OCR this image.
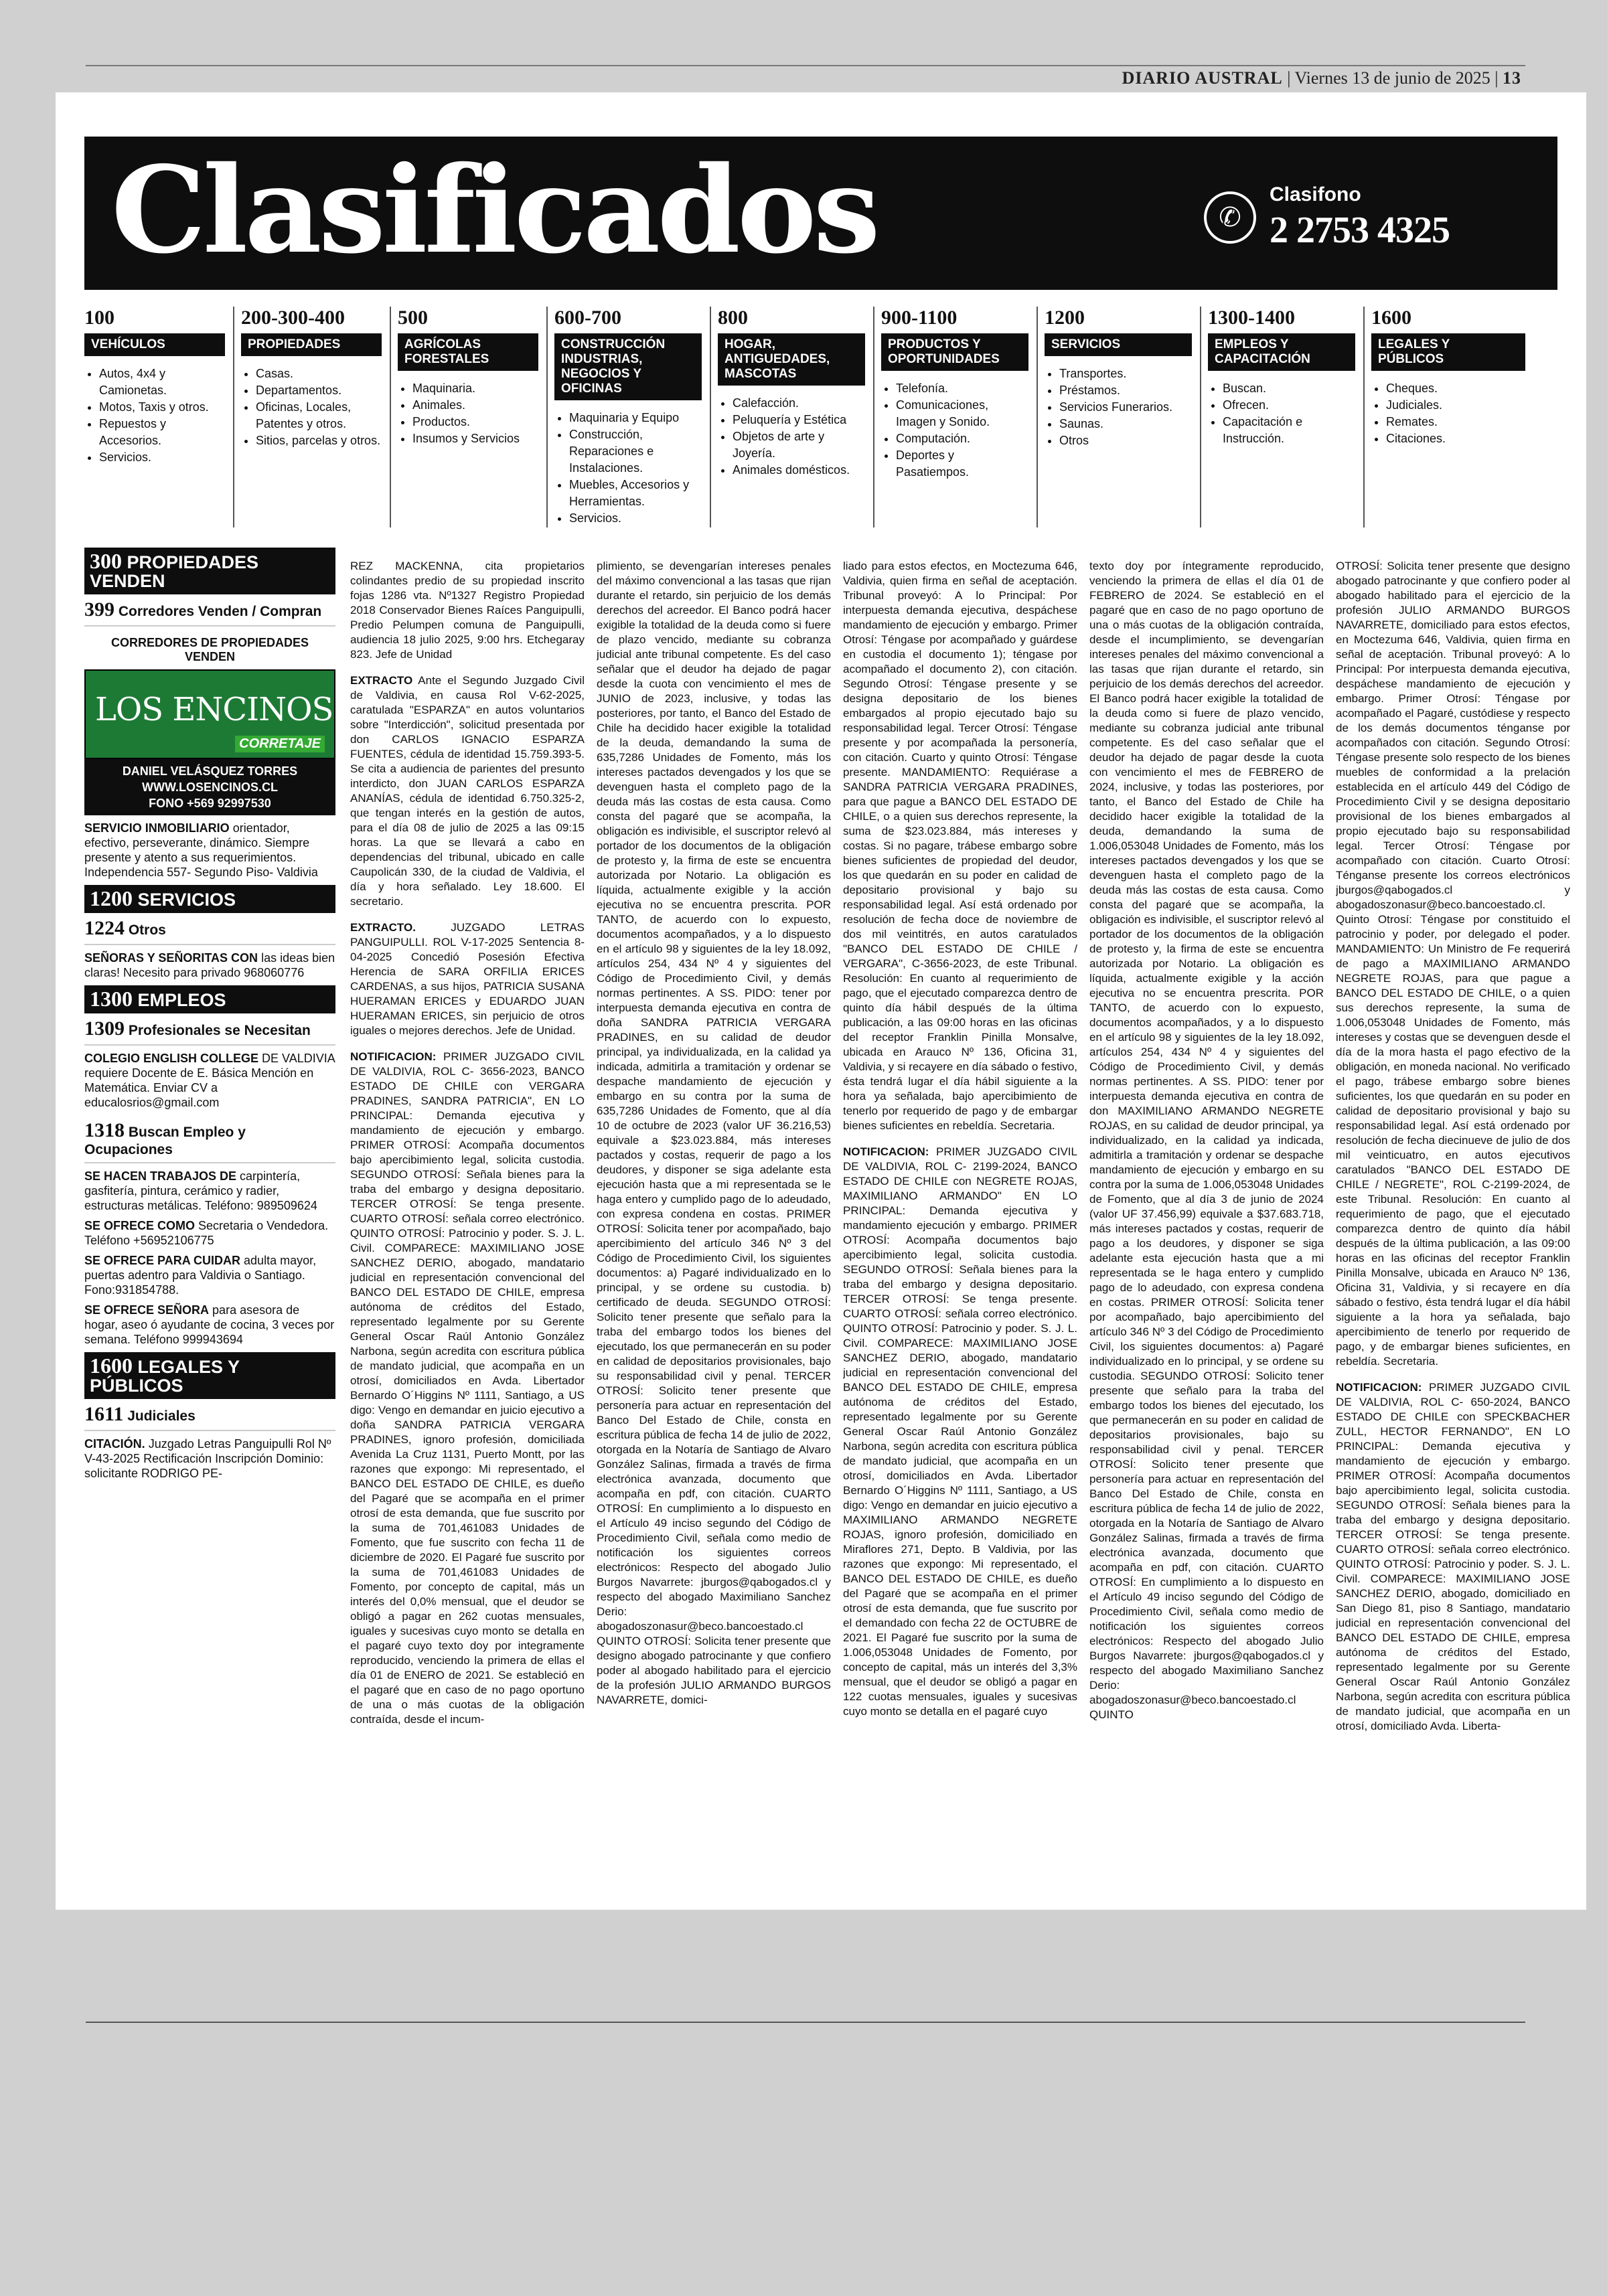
DIARIO AUSTRAL | Viernes 13 de junio de 2025 | 13
Clasificados	✆
Clasifono
2 2753 4325
100
VEHÍCULOS
• Autos, 4x4 y Camionetas.
• Motos, Taxis y otros.
• Repuestos y Accesorios.
• Servicios.
200-300-400
PROPIEDADES
• Casas.
• Departamentos.
• Oficinas, Locales, Patentes y otros.
• Sitios, parcelas y otros.
500
AGRÍCOLAS FORESTALES
• Maquinaria.
• Animales.
• Productos.
• Insumos y Servicios
600-700
CONSTRUCCIÓN INDUSTRIAS, NEGOCIOS Y OFICINAS
• Maquinaria y Equipo
• Construcción, Reparaciones e Instalaciones.
• Muebles, Accesorios y Herramientas.
• Servicios.
800
HOGAR, ANTIGUEDADES, MASCOTAS
• Calefacción.
• Peluquería y Estética
• Objetos de arte y Joyería.
• Animales domésticos.
900-1100
PRODUCTOS Y OPORTUNIDADES
• Telefonía.
• Comunicaciones, Imagen y Sonido.
• Computación.
• Deportes y Pasatiempos.
1200
SERVICIOS
• Transportes.
• Préstamos.
• Servicios Funerarios.
• Saunas.
• Otros
1300-1400
EMPLEOS Y CAPACITACIÓN
• Buscan.
• Ofrecen.
• Capacitación e Instrucción.
1600
LEGALES Y PÚBLICOS
• Cheques.
• Judiciales.
• Remates.
• Citaciones.
300 PROPIEDADES VENDEN
399 Corredores Venden / Compran
CORREDORES DE PROPIEDADES VENDEN
LOS ENCINOS
CORRETAJE
DANIEL VELÁSQUEZ TORRES
WWW.LOSENCINOS.CL
FONO +569 92997530
SERVICIO INMOBILIARIO orientador, efectivo, perseverante, dinámico. Siempre presente y atento a sus requerimientos. Independencia 557- Segundo Piso- Valdivia
1200 SERVICIOS
1224 Otros
SEÑORAS Y SEÑORITAS CON las ideas bien claras! Necesito para privado 968060776
1300 EMPLEOS
1309 Profesionales se Necesitan
COLEGIO ENGLISH COLLEGE DE VALDIVIA requiere Docente de E. Básica Mención en Matemática. Enviar CV a educalosrios@gmail.com
1318 Buscan Empleo y Ocupaciones
SE HACEN TRABAJOS DE carpintería, gasfitería, pintura, cerámico y radier, estructuras metálicas. Teléfono: 989509624
SE OFRECE COMO Secretaria o Vendedora. Teléfono +56952106775
SE OFRECE PARA CUIDAR adulta mayor, puertas adentro para Valdivia o Santiago. Fono:931854788.
SE OFRECE SEÑORA para asesora de hogar, aseo ó ayudante de cocina, 3 veces por semana. Teléfono 999943694
1600 LEGALES Y PÚBLICOS
1611 Judiciales
CITACIÓN. Juzgado Letras Panguipulli Rol Nº V-43-2025 Rectificación Inscripción Dominio: solicitante RODRIGO PE-

REZ MACKENNA, cita propietarios colindantes predio de su propiedad inscrito fojas 1286 vta. Nº1327 Registro Propiedad 2018 Conservador Bienes Raíces Panguipulli, Predio Pelumpen comuna de Panguipulli, audiencia 18 julio 2025, 9:00 hrs. Etchegaray 823. Jefe de Unidad

EXTRACTO Ante el Segundo Juzgado Civil de Valdivia, en causa Rol V-62-2025, caratulada "ESPARZA" en autos voluntarios sobre "Interdicción", solicitud presentada por don CARLOS IGNACIO ESPARZA FUENTES, cédula de identidad 15.759.393-5. Se cita a audiencia de parientes del presunto interdicto, don JUAN CARLOS ESPARZA ANANÍAS, cédula de identidad 6.750.325-2, que tengan interés en la gestión de autos, para el día 08 de julio de 2025 a las 09:15 horas. La que se llevará a cabo en dependencias del tribunal, ubicado en calle Caupolicán 330, de la ciudad de Valdivia, el día y hora señalado. Ley 18.600. El secretario.

EXTRACTO.	JUZGADO LETRAS PANGUIPULLI. ROL V-17-2025 Sentencia 8-04-2025 Concedió Posesión Efectiva Herencia de SARA ORFILIA ERICES CARDENAS, a sus hijos, PATRICIA SUSANA HUERAMAN ERICES y EDUARDO JUAN HUERAMAN ERICES, sin perjuicio de otros iguales o mejores derechos. Jefe de Unidad.

NOTIFICACION: PRIMER JUZGADO CIVIL DE VALDIVIA, ROL C- 3656-2023, BANCO ESTADO DE CHILE con VERGARA PRADINES, SANDRA PATRICIA", EN LO PRINCIPAL: Demanda ejecutiva y mandamiento de ejecución y embargo. PRIMER OTROSÍ: Acompaña documentos bajo apercibimiento legal, solicita custodia. SEGUNDO OTROSÍ: Señala bienes para la traba del embargo y designa depositario. TERCER OTROSÍ: Se tenga presente. CUARTO OTROSÍ: señala correo electrónico. QUINTO OTROSÍ: Patrocinio y poder. S. J. L. Civil. COMPARECE: MAXIMILIANO JOSE SANCHEZ DERIO, abogado, mandatario judicial en representación convencional del BANCO DEL ESTADO DE CHILE, empresa autónoma de créditos del Estado, representado legalmente por su Gerente General Oscar Raúl Antonio González Narbona, según acredita con escritura pública de mandato judicial, que acompaña en un otrosí, domiciliados en Avda. Libertador Bernardo O´Higgins Nº 1111, Santiago, a US digo: Vengo en demandar en juicio ejecutivo a doña SANDRA PATRICIA VERGARA PRADINES, ignoro profesión, domiciliada Avenida La Cruz 1131, Puerto Montt, por las razones que expongo: Mi representado, el BANCO DEL ESTADO DE CHILE, es dueño del Pagaré que se acompaña en el primer otrosí de esta demanda, que fue suscrito por la suma de 701,461083 Unidades de Fomento, que fue suscrito con fecha 11 de diciembre de 2020. El Pagaré fue suscrito por la suma de 701,461083 Unidades de Fomento, por concepto de capital, más un interés del 0,0% mensual, que el deudor se obligó a pagar en 262 cuotas mensuales, iguales y sucesivas cuyo monto se detalla en el pagaré cuyo texto doy por integramente reproducido, venciendo la primera de ellas el día 01 de ENERO de 2021. Se estableció en el pagaré que en caso de no pago oportuno de una o más cuotas de la obligación contraída, desde el incum-

plimiento, se devengarían intereses penales del máximo convencional a las tasas que rijan durante el retardo, sin perjuicio de los demás derechos del acreedor. El Banco podrá hacer exigible la totalidad de la deuda como si fuere de plazo vencido, mediante su cobranza judicial ante tribunal competente. Es del caso señalar que el deudor ha dejado de pagar desde la cuota con vencimiento el mes de JUNIO de 2023, inclusive, y todas las posteriores, por tanto, el Banco del Estado de Chile ha decidido hacer exigible la totalidad de la deuda, demandando la suma de 635,7286 Unidades de Fomento, más los intereses pactados devengados y los que se devenguen hasta el completo pago de la deuda más las costas de esta causa. Como consta del pagaré que se acompaña, la obligación es indivisible, el suscriptor relevó al portador de los documentos de la obligación de protesto y, la firma de este se encuentra autorizada por Notario. La obligación es líquida, actualmente exigible y la acción ejecutiva no se encuentra prescrita. POR TANTO, de acuerdo con lo expuesto, documentos acompañados, y a lo dispuesto en el artículo 98 y siguientes de la ley 18.092, artículos 254, 434 Nº 4 y siguientes del Código de Procedimiento Civil, y demás normas pertinentes. A SS. PIDO: tener por interpuesta demanda ejecutiva en contra de doña SANDRA PATRICIA VERGARA PRADINES, en su calidad de deudor principal, ya individualizada, en la calidad ya indicada, admitirla a tramitación y ordenar se despache mandamiento de ejecución y embargo en su contra por la suma de 635,7286 Unidades de Fomento, que al día 10 de octubre de 2023 (valor UF 36.216,53) equivale a $23.023.884, más intereses pactados y costas, requerir de pago a los deudores, y disponer se siga adelante esta ejecución hasta que a mi representada se le haga entero y cumplido pago de lo adeudado, con expresa condena en costas. PRIMER OTROSÍ: Solicita tener por acompañado, bajo apercibimiento del artículo 346 Nº 3 del Código de Procedimiento Civil, los siguientes documentos: a) Pagaré individualizado en lo principal, y se ordene su custodia. b) certificado de deuda. SEGUNDO OTROSÍ: Solicito tener presente que señalo para la traba del embargo todos los bienes del ejecutado, los que permanecerán en su poder en calidad de depositarios provisionales, bajo su responsabilidad civil y penal. TERCER OTROSÍ: Solicito tener presente que personería para actuar en representación del Banco Del Estado de Chile, consta en escritura pública de fecha 14 de julio de 2022, otorgada en la Notaría de Santiago de Alvaro González Salinas, firmada a través de firma electrónica avanzada, documento que acompaña en pdf, con citación. CUARTO OTROSÍ: En cumplimiento a lo dispuesto en el Artículo 49 inciso segundo del Código de Procedimiento Civil, señala como medio de notificación los siguientes correos electrónicos: Respecto del abogado Julio Burgos Navarrete: jburgos@qabogados.cl y respecto del abogado Maximiliano Sanchez Derio: abogadoszonasur@beco.bancoestado.cl QUINTO OTROSÍ: Solicita tener presente que designo abogado patrocinante y que confiero poder al abogado habilitado para el ejercicio de la profesión JULIO ARMANDO BURGOS NAVARRETE, domici-

liado para estos efectos, en Moctezuma 646, Valdivia, quien firma en señal de aceptación. Tribunal proveyó: A lo Principal: Por interpuesta demanda ejecutiva, despáchese mandamiento de ejecución y embargo. Primer Otrosí: Téngase por acompañado y guárdese en custodia el documento 1); téngase por acompañado el documento 2), con citación. Segundo Otrosí: Téngase presente y se designa depositario de los bienes embargados al propio ejecutado bajo su responsabilidad legal. Tercer Otrosí: Téngase presente y por acompañada la personería, con citación. Cuarto y quinto Otrosí: Téngase presente. MANDAMIENTO: Requiérase a SANDRA PATRICIA VERGARA PRADINES, para que pague a BANCO DEL ESTADO DE CHILE, o a quien sus derechos represente, la suma de $23.023.884, más intereses y costas. Si no pagare, trábese embargo sobre bienes suficientes de propiedad del deudor, los que quedarán en su poder en calidad de depositario provisional y bajo su responsabilidad legal. Así está ordenado por resolución de fecha doce de noviembre de dos mil veintitrés, en autos caratulados "BANCO DEL ESTADO DE CHILE / VERGARA", C-3656-2023, de este Tribunal. Resolución: En cuanto al requerimiento de pago, que el ejecutado comparezca dentro de quinto día hábil después de la última publicación, a las 09:00 horas en las oficinas del receptor Franklin Pinilla Monsalve, ubicada en Arauco Nº 136, Oficina 31, Valdivia, y si recayere en día sábado o festivo, ésta tendrá lugar el día hábil siguiente a la hora ya señalada, bajo apercibimiento de tenerlo por requerido de pago y de embargar bienes suficientes en rebeldía. Secretaria.

NOTIFICACION: PRIMER JUZGADO CIVIL DE VALDIVIA, ROL C- 2199-2024, BANCO ESTADO DE CHILE con NEGRETE ROJAS, MAXIMILIANO ARMANDO" EN LO PRINCIPAL: Demanda ejecutiva y mandamiento ejecución y embargo. PRIMER OTROSÍ: Acompaña documentos bajo apercibimiento legal, solicita custodia. SEGUNDO OTROSÍ: Señala bienes para la traba del embargo y designa depositario. TERCER OTROSÍ: Se tenga presente. CUARTO OTROSÍ: señala correo electrónico. QUINTO OTROSÍ: Patrocinio y poder. S. J. L. Civil. COMPARECE: MAXIMILIANO JOSE SANCHEZ DERIO, abogado, mandatario judicial en representación convencional del BANCO DEL ESTADO DE CHILE, empresa autónoma de créditos del Estado, representado legalmente por su Gerente General Oscar Raúl Antonio González Narbona, según acredita con escritura pública de mandato judicial, que acompaña en un otrosí, domiciliados en Avda. Libertador Bernardo O´Higgins Nº 1111, Santiago, a US digo: Vengo en demandar en juicio ejecutivo a MAXIMILIANO ARMANDO NEGRETE ROJAS, ignoro profesión, domiciliado en Miraflores 271, Depto. B Valdivia, por las razones que expongo: Mi representado, el BANCO DEL ESTADO DE CHILE, es dueño del Pagaré que se acompaña en el primer otrosí de esta demanda, que fue suscrito por el demandado con fecha 22 de OCTUBRE de 2021. El Pagaré fue suscrito por la suma de 1.006,053048 Unidades de Fomento, por concepto de capital, más un interés del 3,3% mensual, que el deudor se obligó a pagar en 122 cuotas mensuales, iguales y sucesivas cuyo monto se detalla en el pagaré cuyo

texto doy por íntegramente reproducido, venciendo la primera de ellas el día 01 de FEBRERO de 2024. Se estableció en el pagaré que en caso de no pago oportuno de una o más cuotas de la obligación contraída, desde el incumplimiento, se devengarían intereses penales del máximo convencional a las tasas que rijan durante el retardo, sin perjuicio de los demás derechos del acreedor. El Banco podrá hacer exigible la totalidad de la deuda como si fuere de plazo vencido, mediante su cobranza judicial ante tribunal competente. Es del caso señalar que el deudor ha dejado de pagar desde la cuota con vencimiento el mes de FEBRERO de 2024, inclusive, y todas las posteriores, por tanto, el Banco del Estado de Chile ha decidido hacer exigible la totalidad de la deuda, demandando la suma de 1.006,053048 Unidades de Fomento, más los intereses pactados devengados y los que se devenguen hasta el completo pago de la deuda más las costas de esta causa. Como consta del pagaré que se acompaña, la obligación es indivisible, el suscriptor relevó al portador de los documentos de la obligación de protesto y, la firma de este se encuentra autorizada por Notario. La obligación es líquida, actualmente exigible y la acción ejecutiva no se encuentra prescrita. POR TANTO, de acuerdo con lo expuesto, documentos acompañados, y a lo dispuesto en el artículo 98 y siguientes de la ley 18.092, artículos 254, 434 Nº 4 y siguientes del Código de Procedimiento Civil, y demás normas pertinentes. A SS. PIDO: tener por interpuesta demanda ejecutiva en contra de don MAXIMILIANO ARMANDO NEGRETE ROJAS, en su calidad de deudor principal, ya individualizado, en la calidad ya indicada, admitirla a tramitación y ordenar se despache mandamiento de ejecución y embargo en su contra por la suma de 1.006,053048 Unidades de Fomento, que al día 3 de junio de 2024 (valor UF 37.456,99) equivale a $37.683.718, más intereses pactados y costas, requerir de pago a los deudores, y disponer se siga adelante esta ejecución hasta que a mi representada se le haga entero y cumplido pago de lo adeudado, con expresa condena en costas. PRIMER OTROSÍ: Solicita tener por acompañado, bajo apercibimiento del artículo 346 Nº 3 del Código de Procedimiento Civil, los siguientes documentos: a) Pagaré individualizado en lo principal, y se ordene su custodia. SEGUNDO OTROSÍ: Solicito tener presente que señalo para la traba del embargo todos los bienes del ejecutado, los que permanecerán en su poder en calidad de depositarios provisionales, bajo su responsabilidad civil y penal. TERCER OTROSÍ: Solicito tener presente que personería para actuar en representación del Banco Del Estado de Chile, consta en escritura pública de fecha 14 de julio de 2022, otorgada en la Notaría de Santiago de Alvaro González Salinas, firmada a través de firma electrónica avanzada, documento que acompaña en pdf, con citación. CUARTO OTROSÍ: En cumplimiento a lo dispuesto en el Artículo 49 inciso segundo del Código de Procedimiento Civil, señala como medio de notificación los siguientes correos electrónicos: Respecto del abogado Julio Burgos Navarrete: jburgos@qabogados.cl y respecto del abogado Maximiliano Sanchez Derio: abogadoszonasur@beco.bancoestado.cl QUINTO

OTROSÍ: Solicita tener presente que designo abogado patrocinante y que confiero poder al abogado habilitado para el ejercicio de la profesión JULIO ARMANDO BURGOS NAVARRETE, domiciliado para estos efectos, en Moctezuma 646, Valdivia, quien firma en señal de aceptación. Tribunal proveyó: A lo Principal: Por interpuesta demanda ejecutiva, despáchese mandamiento de ejecución y embargo. Primer Otrosí: Téngase por acompañado el Pagaré, custódiese y respecto de los demás documentos ténganse por acompañados con citación. Segundo Otrosí: Téngase presente solo respecto de los bienes muebles de conformidad a la prelación establecida en el artículo 449 del Código de Procedimiento Civil y se designa depositario provisional de los bienes embargados al propio ejecutado bajo su responsabilidad legal. Tercer Otrosí: Téngase por acompañado con citación. Cuarto Otrosí: Ténganse presente los correos electrónicos jburgos@qabogados.cl y abogadoszonasur@beco.bancoestado.cl. Quinto Otrosí: Téngase por constituido el patrocinio y poder, por delegado el poder. MANDAMIENTO: Un Ministro de Fe requerirá de pago a MAXIMILIANO ARMANDO NEGRETE ROJAS, para que pague a BANCO DEL ESTADO DE CHILE, o a quien sus derechos represente, la suma de 1.006,053048 Unidades de Fomento, más intereses y costas que se devenguen desde el día de la mora hasta el pago efectivo de la obligación, en moneda nacional. No verificado el pago, trábese embargo sobre bienes suficientes, los que quedarán en su poder en calidad de depositario provisional y bajo su responsabilidad legal. Así está ordenado por resolución de fecha diecinueve de julio de dos mil veinticuatro, en autos ejecutivos caratulados "BANCO DEL ESTADO DE CHILE / NEGRETE", ROL C-2199-2024, de este Tribunal. Resolución: En cuanto al requerimiento de pago, que el ejecutado comparezca dentro de quinto día hábil después de la última publicación, a las 09:00 horas en las oficinas del receptor Franklin Pinilla Monsalve, ubicada en Arauco Nº 136, Oficina 31, Valdivia, y si recayere en día sábado o festivo, ésta tendrá lugar el día hábil siguiente a la hora ya señalada, bajo apercibimiento de tenerlo por requerido de pago, y de embargar bienes suficientes, en rebeldía. Secretaria.

NOTIFICACION: PRIMER JUZGADO CIVIL DE VALDIVIA, ROL C- 650-2024, BANCO ESTADO DE CHILE con SPECKBACHER ZULL, HECTOR FERNANDO", EN LO PRINCIPAL: Demanda ejecutiva y mandamiento de ejecución y embargo. PRIMER OTROSÍ: Acompaña documentos bajo apercibimiento legal, solicita custodia. SEGUNDO OTROSÍ: Señala bienes para la traba del embargo y designa depositario. TERCER OTROSÍ: Se tenga presente. CUARTO OTROSÍ: señala correo electrónico. QUINTO OTROSÍ: Patrocinio y poder. S. J. L. Civil. COMPARECE: MAXIMILIANO JOSE SANCHEZ DERIO, abogado, domiciliado en San Diego 81, piso 8 Santiago, mandatario judicial en representación convencional del BANCO DEL ESTADO DE CHILE, empresa autónoma de créditos del Estado, representado legalmente por su Gerente General Oscar Raúl Antonio González Narbona, según acredita con escritura pública de mandato judicial, que acompaña en un otrosí, domiciliado Avda. Liberta-
